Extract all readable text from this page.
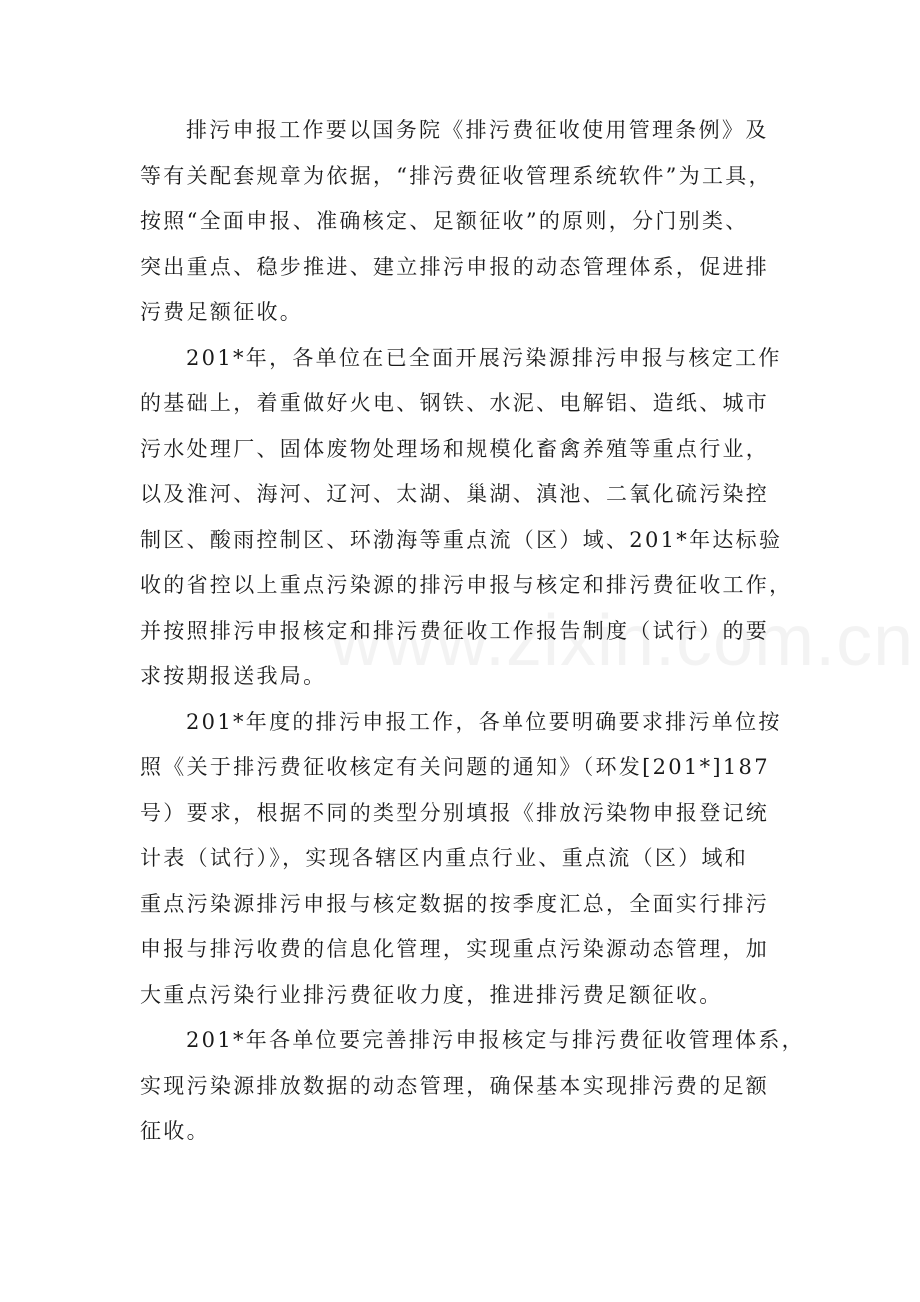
排污申报工作要以国务院《排污费征收使用管理条例》及
等有关配套规章为依据，“排污费征收管理系统软件”为工具，
按照“全面申报、准确核定、足额征收”的原则，分门别类、
突出重点、稳步推进、建立排污申报的动态管理体系，促进排
污费足额征收。
201*年，各单位在已全面开展污染源排污申报与核定工作
的基础上，着重做好火电、钢铁、水泥、电解铝、造纸、城市
污水处理厂、固体废物处理场和规模化畜禽养殖等重点行业，
以及淮河、海河、辽河、太湖、巢湖、滇池、二氧化硫污染控
制区、酸雨控制区、环渤海等重点流（区）域、201*年达标验
收的省控以上重点污染源的排污申报与核定和排污费征收工作，
并按照排污申报核定和排污费征收工作报告制度（试行）的要
求按期报送我局。
201*年度的排污申报工作，各单位要明确要求排污单位按
照《关于排污费征收核定有关问题的通知》（环发[201*]187
号）要求，根据不同的类型分别填报《排放污染物申报登记统
计表（试行）》，实现各辖区内重点行业、重点流（区）域和
重点污染源排污申报与核定数据的按季度汇总，全面实行排污
申报与排污收费的信息化管理，实现重点污染源动态管理，加
大重点污染行业排污费征收力度，推进排污费足额征收。
201*年各单位要完善排污申报核定与排污费征收管理体系，
实现污染源排放数据的动态管理，确保基本实现排污费的足额
征收。
